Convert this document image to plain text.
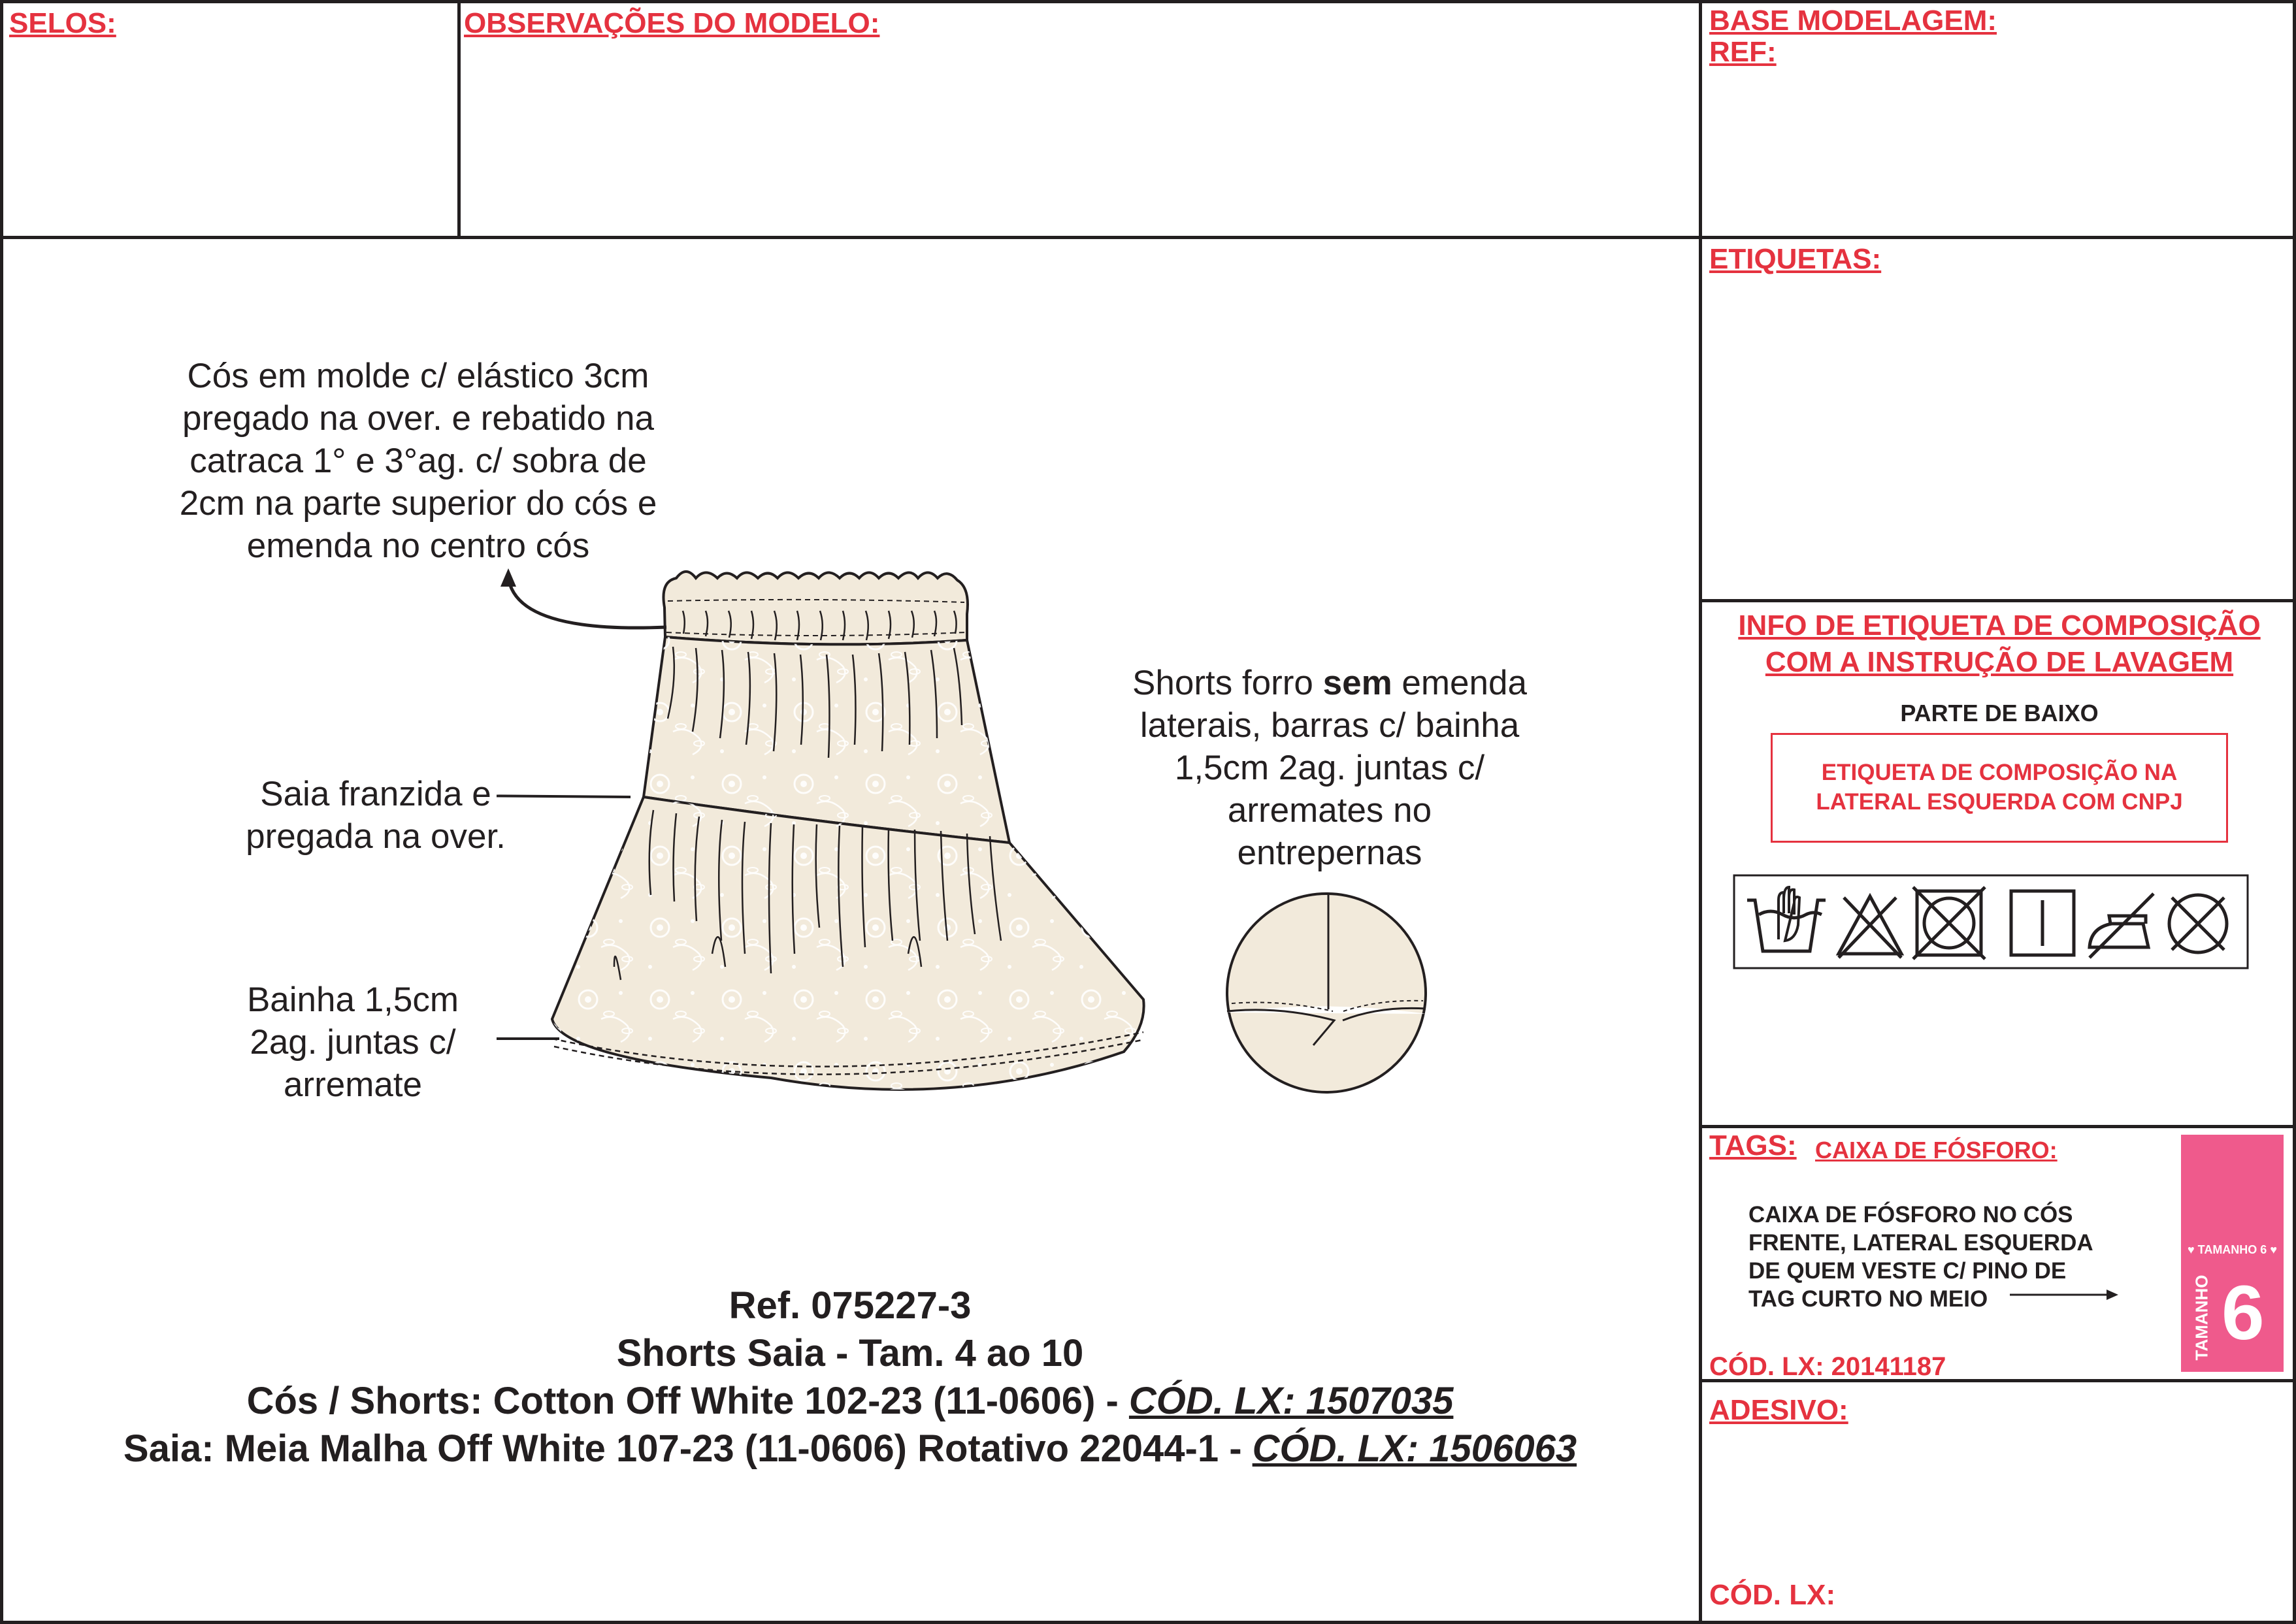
SELOS:	OBSERVAÇÕES DO MODELO:	BASE MODELAGEM:
REF:
ETIQUETAS:
INFO DE ETIQUETA DE COMPOSIÇÃO
COM A INSTRUÇÃO DE LAVAGEM
PARTE DE BAIXO
ETIQUETA DE COMPOSIÇÃO NA
LATERAL ESQUERDA COM CNPJ
TAGS: CAIXA DE FÓSFORO:
CAIXA DE FÓSFORO NO CÓS
FRENTE, LATERAL ESQUERDA
DE QUEM VESTE C/ PINO DE
TAG CURTO NO MEIO
♥ TAMANHO 6 ♥
TAMANHO 6
CÓD. LX: 20141187
ADESIVO:
CÓD. LX:
Cós em molde c/ elástico 3cm
pregado na over. e rebatido na
catraca 1° e 3°ag. c/ sobra de
2cm na parte superior do cós e
emenda no centro cós
Saia franzida e
pregada na over.
Bainha 1,5cm
2ag. juntas c/
arremate
Shorts forro sem emenda
laterais, barras c/ bainha
1,5cm 2ag. juntas c/
arremates no
entrepernas
Ref. 075227-3
Shorts Saia - Tam. 4 ao 10
Cós / Shorts: Cotton Off White 102-23 (11-0606) - CÓD. LX: 1507035
Saia: Meia Malha Off White 107-23 (11-0606) Rotativo 22044-1 - CÓD. LX: 1506063
